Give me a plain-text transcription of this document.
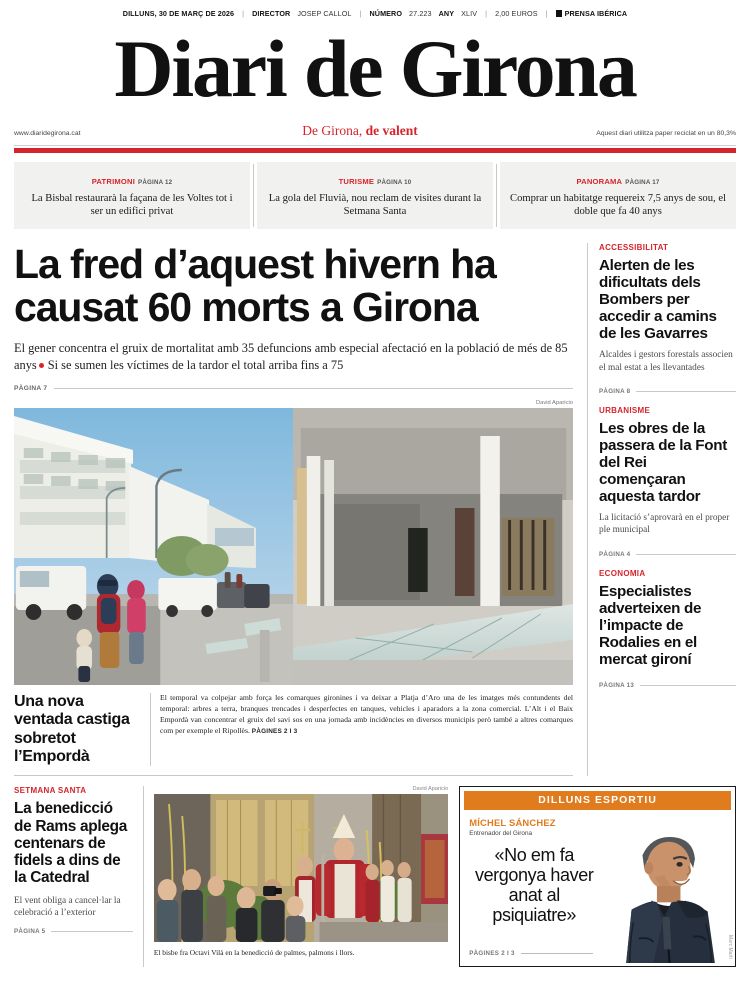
DILLUNS, 30 DE MARÇ DE 2026 | DIRECTOR JOSEP CALLOL | NÚMERO 27.223 ANY XLIV | 2,00 EUROS |	PRENSA IBÉRICA
Diari de Girona
www.diaridegirona.cat	De Girona, de valent	Aquest diari utilitza paper reciclat en un 80,3%
PATRIMONI PÀGINA 12
La Bisbal restaurarà la façana de les Voltes tot i ser un edifici privat
TURISME PÀGINA 10
La gola del Fluvià, nou reclam de visites durant la Setmana Santa
PANORAMA PÀGINA 17
Comprar un habitatge requereix 7,5 anys de sou, el doble que fa 40 anys
La fred d’aquest hivern ha causat 60 morts a Girona
El gener concentra el gruix de mortalitat amb 35 defuncions amb especial afectació en la població de més de 85 anys Si se sumen les víctimes de la tardor el total arriba fins a 75
PÀGINA 7
David Aparicio
Una nova ventada castiga sobretot l’Empordà
El temporal va colpejar amb força les comarques gironines i va deixar a Platja d’Aro una de les imatges més contundents del temporal: arbres a terra, branques trencades i desperfectes en tanques, vehicles i aparadors a la zona comercial. L’Alt i el Baix Empordà van concentrar el gruix del savi sos en una jornada amb incidències en diversos municipis però també a altres comarques com per exemple el Ripollès. PÀGINES 2 I 3
ACCESSIBILITAT
Alerten de les dificultats dels Bombers per accedir a camins de les Gavarres
Alcaldes i gestors forestals associen el mal estat a les llevantades
PÀGINA 8
URBANISME
Les obres de la passera de la Font del Rei començaran aquesta tardor
La licitació s’aprovarà en el proper ple municipal
PÀGINA 4
ECONOMIA
Especialistes adverteixen de l’impacte de Rodalies en el mercat gironí
PÀGINA 13
SETMANA SANTA
La benedicció de Rams aplega centenars de fidels a dins de la Catedral
El vent obliga a cancel·lar la celebració a l’exterior
PÀGINA 5
David Aparicio
El bisbe fra Octavi Vilà en la benedicció de palmes, palmons i llors.
DILLUNS ESPORTIU
MÍCHEL SÁNCHEZ
Entrenador del Girona
«No em fa vergonya haver anat al psiquiatre»
PÀGINES 2 I 3	Marc Martí
